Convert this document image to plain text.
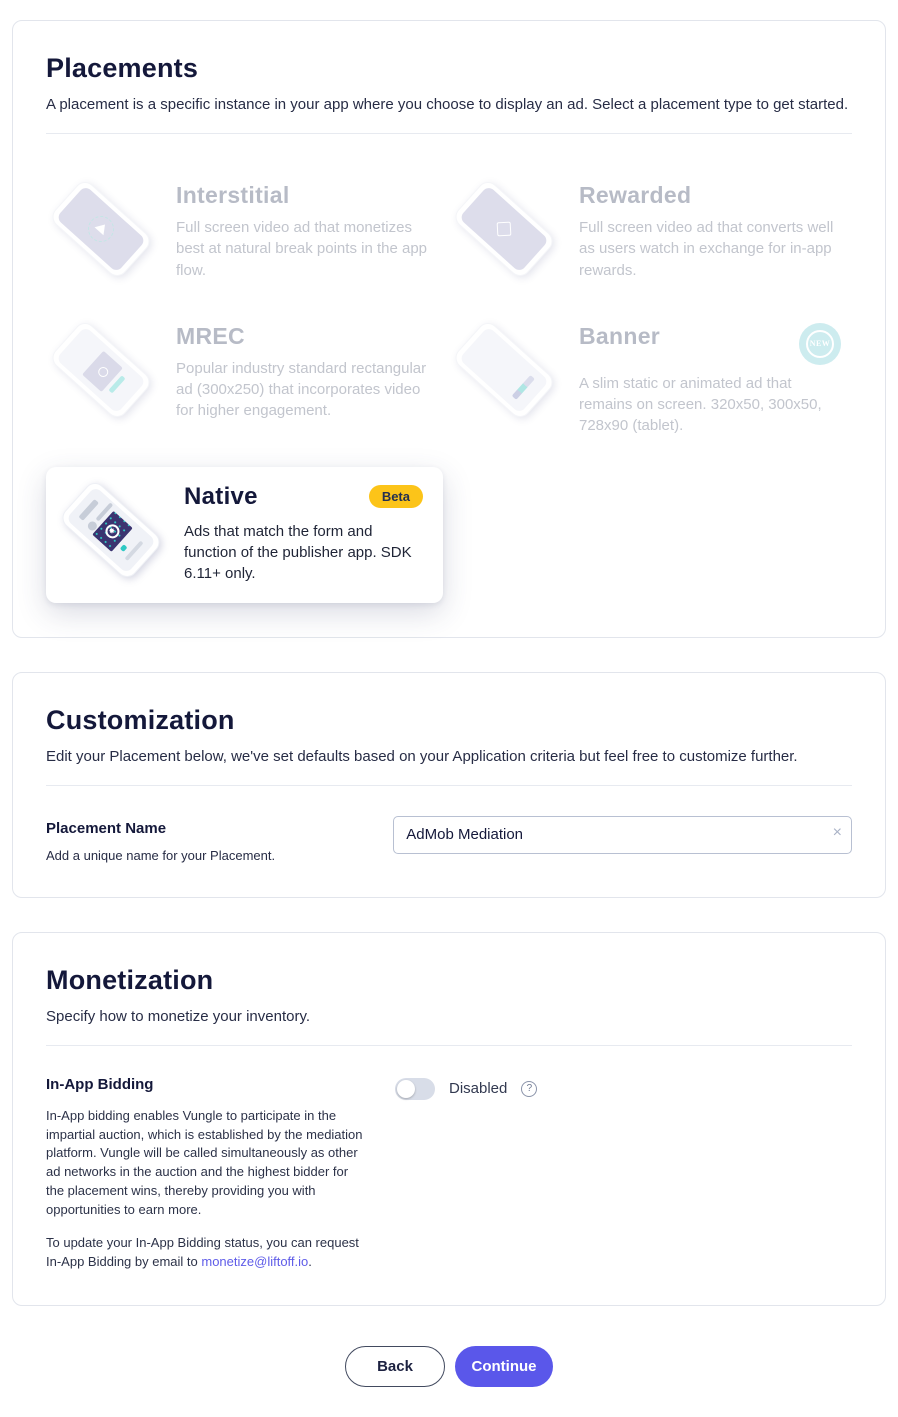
Placements

A placement is a specific instance in your app where you choose to display an ad. Select a placement type to get started.

Interstitial
Full screen video ad that monetizes best at natural break points in the app flow.
Rewarded
Full screen video ad that converts well as users watch in exchange for in-app rewards.
MREC
Popular industry standard rectangular ad (300x250) that incorporates video for higher engagement.
Banner	NEW
A slim static or animated ad that remains on screen. 320x50, 300x50, 728x90 (tablet).
✸
Native	Beta
Ads that match the form and function of the publisher app. SDK 6.11+ only.
Customization

Edit your Placement below, we've set defaults based on your Application criteria but feel free to customize further.

Placement Name
Add a unique name for your Placement.
AdMob Mediation
×
Monetization

Specify how to monetize your inventory.

In-App Bidding

In-App bidding enables Vungle to participate in the impartial auction, which is established by the mediation platform. Vungle will be called simultaneously as other ad networks in the auction and the highest bidder for the placement wins, thereby providing you with opportunities to earn more.

To update your In-App Bidding status, you can request In-App Bidding by email to monetize@liftoff.io.

Disabled	?
Back	Continue
